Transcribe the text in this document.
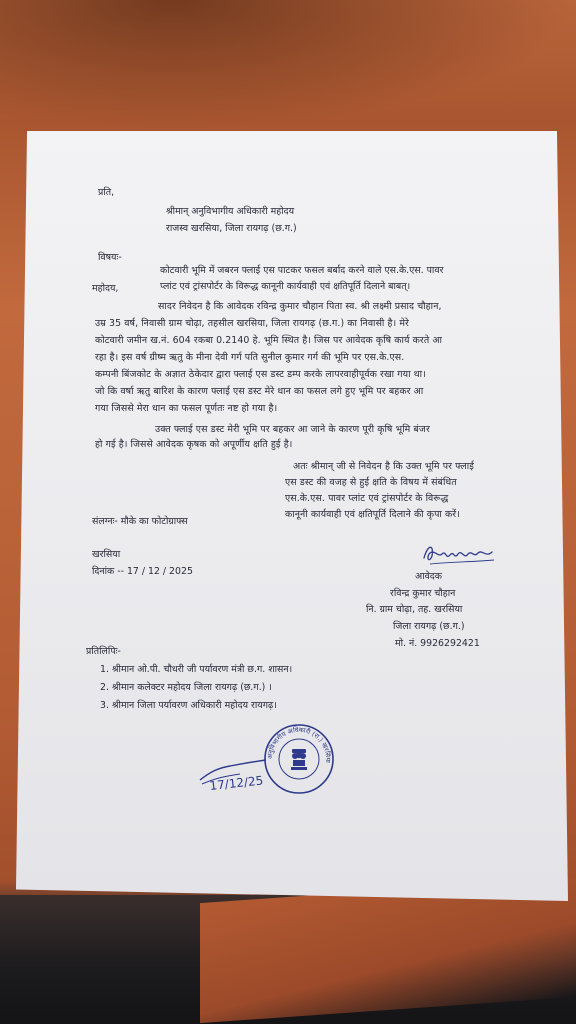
प्रति,
श्रीमान् अनुविभागीय अधिकारी महोदय
राजस्व खरसिया, जिला रायगढ़ (छ.ग.)
विषयः-
कोटवारी भूमि में जबरन फ्लाई एस पाटकर फसल बर्बाद करने वाले एस.के.एस. पावर
प्लांट एवं ट्रांसपोर्टर के विरूद्ध कानूनी कार्यवाही एवं क्षतिपूर्ति दिलाने बाबत्।
महोदय,
सादर निवेदन है कि आवेदक रविन्द्र कुमार चौहान पिता स्व. श्री लक्ष्मी प्रसाद चौहान,
उम्र 35 वर्ष, निवासी ग्राम चोढ़ा, तहसील खरसिया, जिला रायगढ़ (छ.ग.) का निवासी है। मेरे
कोटवारी जमीन ख.नं. 604 रकबा 0.2140 हे. भूमि स्थित है। जिस पर आवेदक कृषि कार्य करते आ
रहा है। इस वर्ष ग्रीष्म ऋतु के मीना देवी गर्ग पति सुनील कुमार गर्ग की भूमि पर एस.के.एस.
कम्पनी बिंजकोट के अज्ञात ठेकेदार द्वारा फ्लाई एस डस्ट डम्प करके लापरवाहीपूर्वक रखा गया था।
जो कि वर्षा ऋतु बारिश के कारण फ्लाई एस डस्ट मेरे धान का फसल लगे हुए भूमि पर बहकर आ
गया जिससे मेरा धान का फसल पूर्णतः नष्ट हो गया है।
उक्त फ्लाई एस डस्ट मेरी भूमि पर बहकर आ जाने के कारण पूरी कृषि भूमि बंजर
हो गई है। जिससे आवेदक कृषक को अपूर्णीय क्षति हुई है।
अतः श्रीमान् जी से निवेदन है कि उक्त भूमि पर फ्लाई
एस डस्ट की वजह से हुई क्षति के विषय में संबंधित
एस.के.एस. पावर प्लांट एवं ट्रांसपोर्टर के विरूद्ध
कानूनी कार्यवाही एवं क्षतिपूर्ति दिलाने की कृपा करें।
संलग्नः- मौके का फोटोग्राफ्स
खरसिया
दिनांक -- 17 / 12 / 2025	आवेदक
रविन्द्र कुमार चौहान
नि. ग्राम चोढ़ा, तह. खरसिया
जिला रायगढ़ (छ.ग.)
मो. नं. 9926292421
प्रतिलिपिः-
1. श्रीमान ओ.पी. चौधरी जी पर्यावरण मंत्री छ.ग. शासन।
2. श्रीमान कलेक्टर महोदय जिला रायगढ़ (छ.ग.) ।
3. श्रीमान जिला पर्यावरण अधिकारी महोदय रायगढ़।
अनुविभागीय अधिकारी (रा.) खरसिया
17/12/25
